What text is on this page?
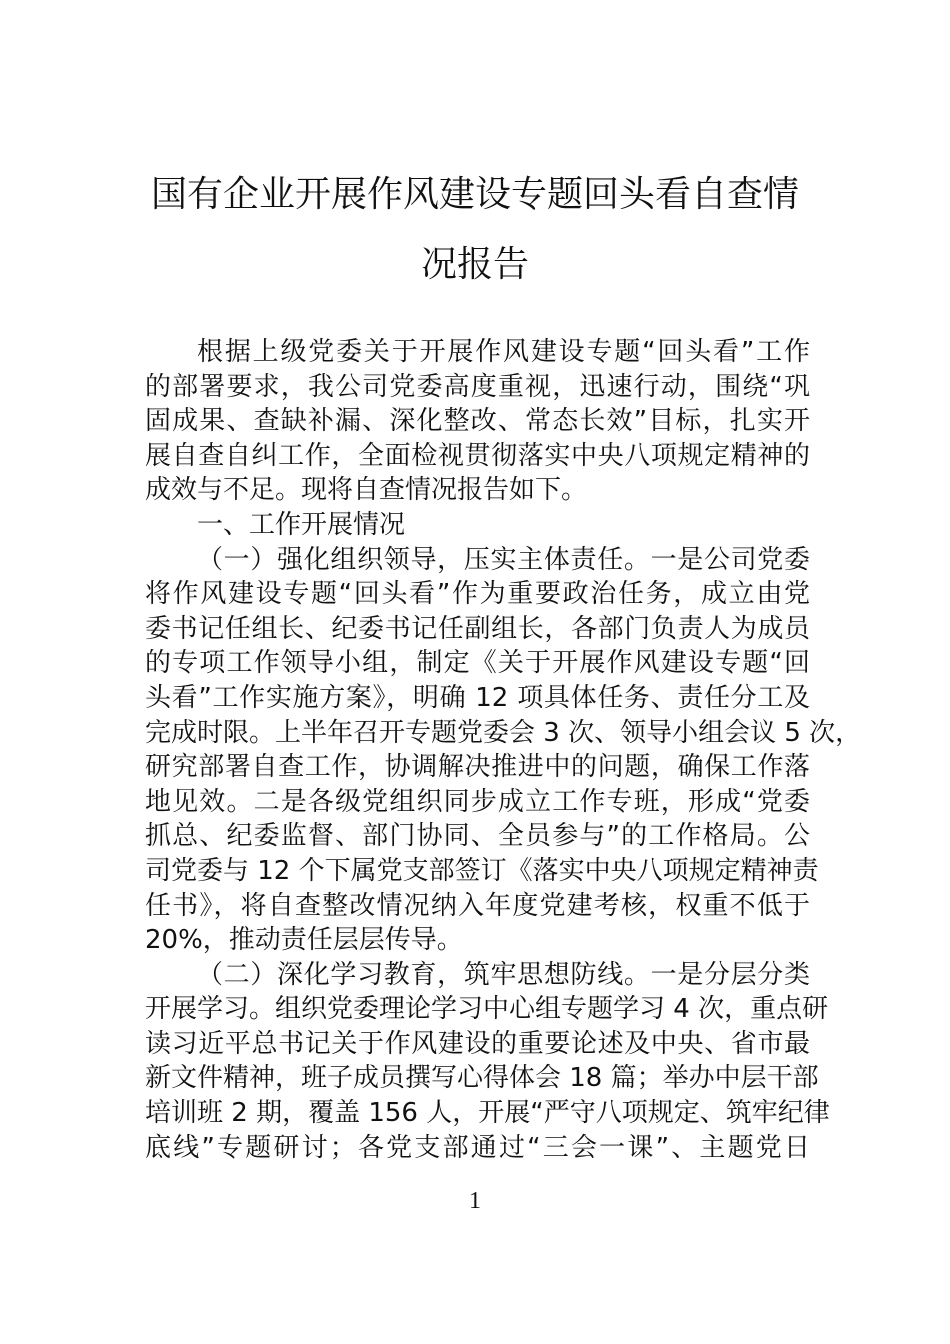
国有企业开展作风建设专题回头看自查情
况报告
根据上级党委关于开展作风建设专题“回头看”工作
的部署要求，我公司党委高度重视，迅速行动，围绕“巩
固成果、查缺补漏、深化整改、常态长效”目标，扎实开
展自查自纠工作，全面检视贯彻落实中央八项规定精神的
成效与不足。现将自查情况报告如下。
一、工作开展情况
（一）强化组织领导，压实主体责任。一是公司党委
将作风建设专题“回头看”作为重要政治任务，成立由党
委书记任组长、纪委书记任副组长，各部门负责人为成员
的专项工作领导小组，制定《关于开展作风建设专题“回
头看”工作实施方案》，明确 12 项具体任务、责任分工及
完成时限。上半年召开专题党委会 3 次、领导小组会议 5 次，
研究部署自查工作，协调解决推进中的问题，确保工作落
地见效。二是各级党组织同步成立工作专班，形成“党委
抓总、纪委监督、部门协同、全员参与”的工作格局。公
司党委与 12 个下属党支部签订《落实中央八项规定精神责
任书》，将自查整改情况纳入年度党建考核，权重不低于
20%，推动责任层层传导。
（二）深化学习教育，筑牢思想防线。一是分层分类
开展学习。组织党委理论学习中心组专题学习 4 次，重点研
读习近平总书记关于作风建设的重要论述及中央、省市最
新文件精神，班子成员撰写心得体会 18 篇；举办中层干部
培训班 2 期，覆盖 156 人，开展“严守八项规定、筑牢纪律
底线”专题研讨；各党支部通过“三会一课”、主题党日
1
